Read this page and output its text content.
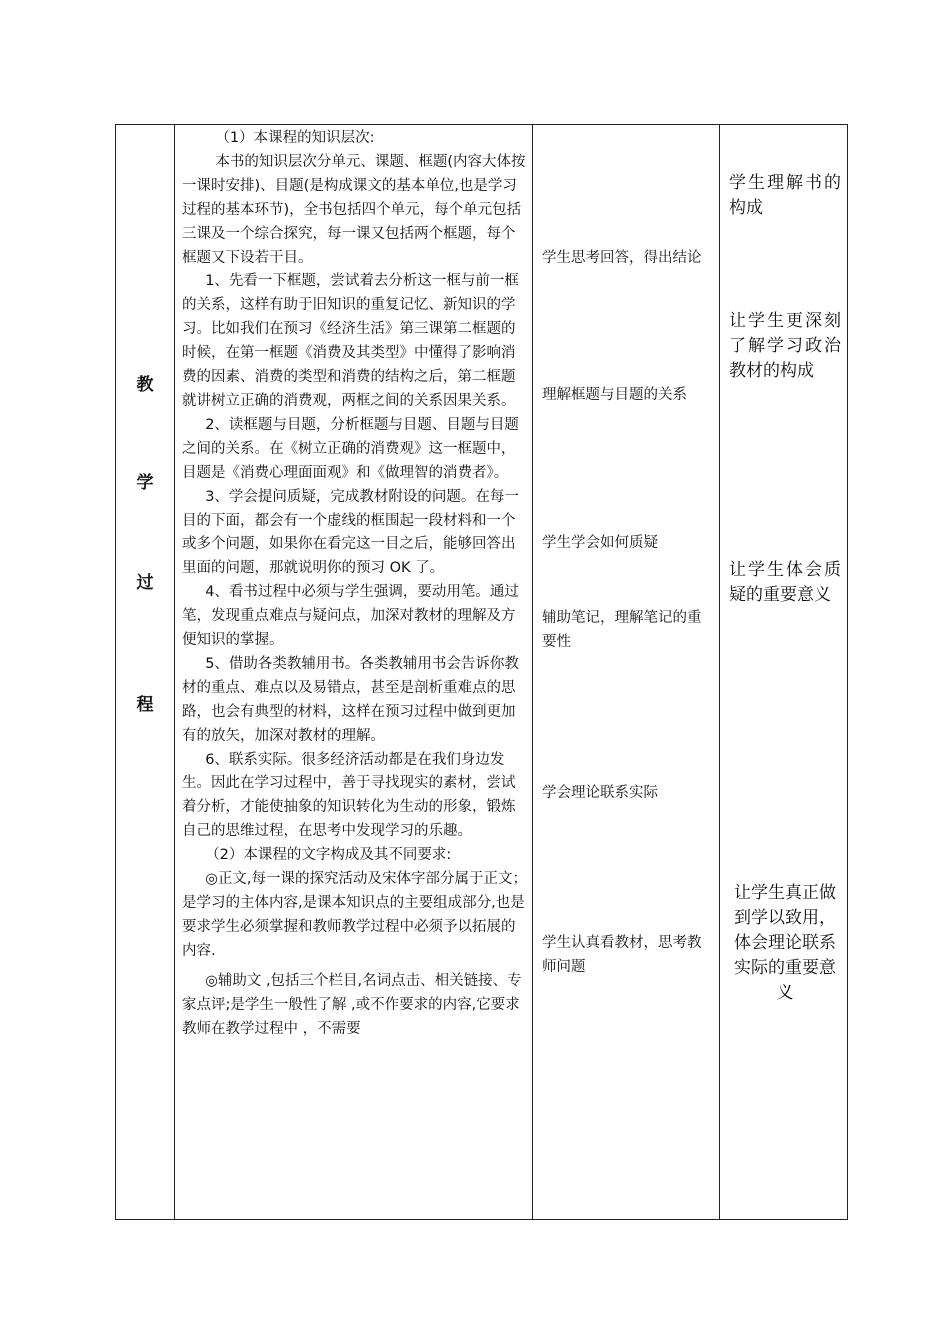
教
学
过
程

（1）本课程的知识层次:

本书的知识层次分单元、课题、框题(内容大体按一课时安排)、目题(是构成课文的基本单位,也是学习过程的基本环节)，全书包括四个单元，每个单元包括三课及一个综合探究，每一课又包括两个框题，每个框题又下设若干目。

1、先看一下框题，尝试着去分析这一框与前一框的关系，这样有助于旧知识的重复记忆、新知识的学习。比如我们在预习《经济生活》第三课第二框题的时候，在第一框题《消费及其类型》中懂得了影响消费的因素、消费的类型和消费的结构之后，第二框题就讲树立正确的消费观，两框之间的关系因果关系。

2、读框题与目题，分析框题与目题、目题与目题之间的关系。在《树立正确的消费观》这一框题中，目题是《消费心理面面观》和《做理智的消费者》。

3、学会提问质疑，完成教材附设的问题。在每一目的下面，都会有一个虚线的框围起一段材料和一个或多个问题，如果你在看完这一目之后，能够回答出里面的问题，那就说明你的预习 OK 了。

4、看书过程中必须与学生强调，要动用笔。通过笔，发现重点难点与疑问点，加深对教材的理解及方便知识的掌握。

5、借助各类教辅用书。各类教辅用书会告诉你教材的重点、难点以及易错点，甚至是剖析重难点的思路，也会有典型的材料，这样在预习过程中做到更加有的放矢，加深对教材的理解。

6、联系实际。很多经济活动都是在我们身边发生。因此在学习过程中，善于寻找现实的素材，尝试着分析，才能使抽象的知识转化为生动的形象，锻炼自己的思维过程，在思考中发现学习的乐趣。

（2）本课程的文字构成及其不同要求:

◎正文,每一课的探究活动及宋体字部分属于正文；是学习的主体内容,是课本知识点的主要组成部分,也是要求学生必须掌握和教师教学过程中必须予以拓展的内容.

◎辅助文 ,包括三个栏目,名词点击、相关链接、专家点评;是学生一般性了解 ,或不作要求的内容,它要求教师在教学过程中 ，不需要

学生思考回答，得出结论
理解框题与目题的关系
学生学会如何质疑
辅助笔记，理解笔记的重要性
学会理论联系实际
学生认真看教材，思考教师问题
学生理解书的构成
让学生更深刻了解学习政治教材的构成
让学生体会质疑的重要意义
让学生真正做到学以致用，体会理论联系实际的重要意义
